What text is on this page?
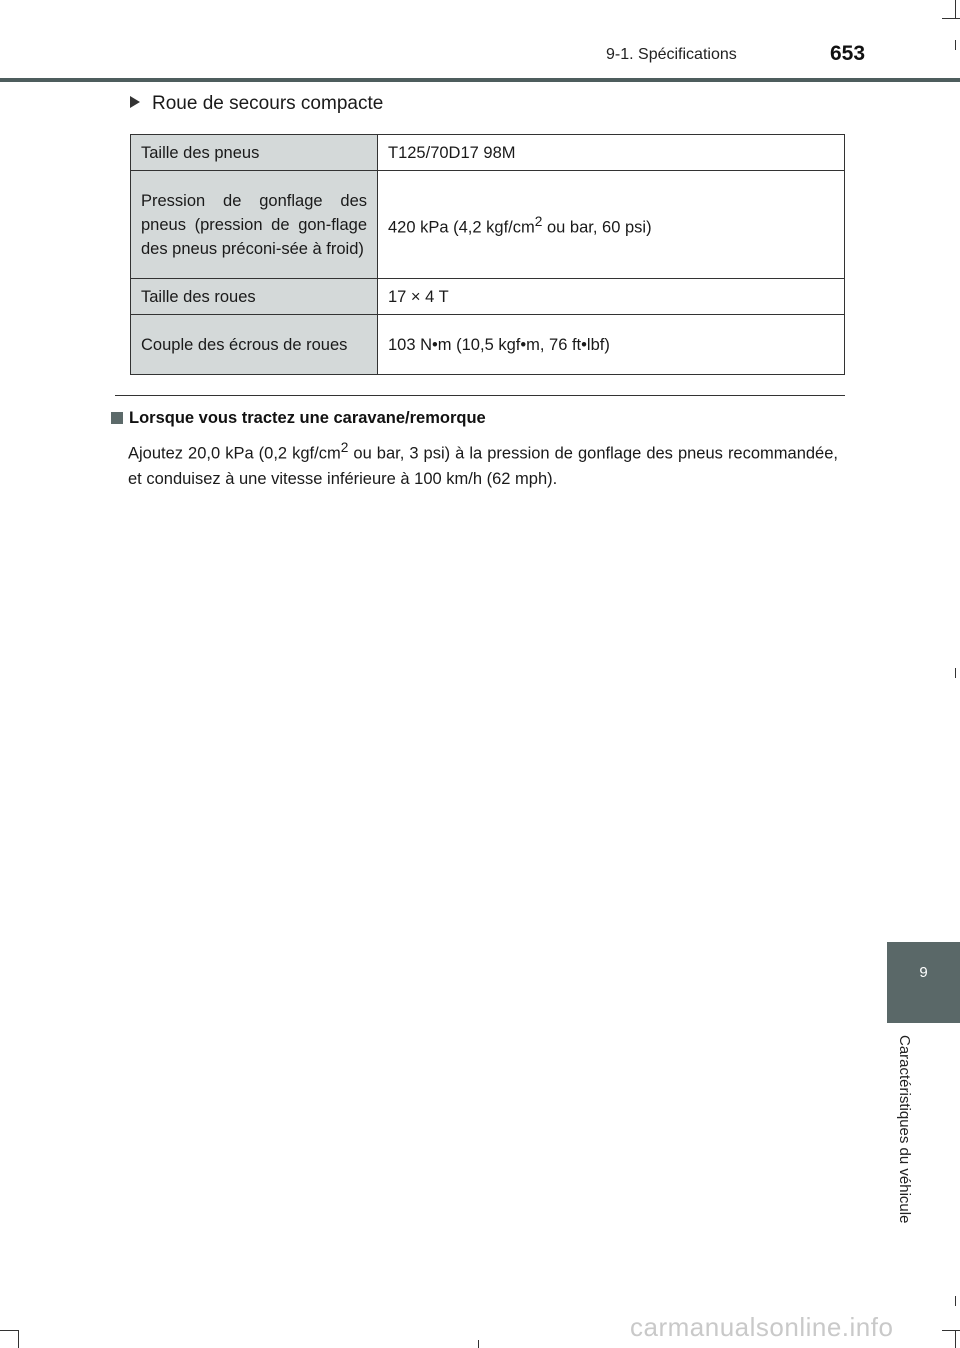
9-1. Spécifications	653
Roue de secours compacte
Taille des pneus	T125/70D17 98M
Pression de gonflage des pneus (pression de gon-flage des pneus préconi-sée à froid)	420 kPa (4,2 kgf/$cm^2$ ou bar, 60 psi)
Taille des roues	17 × 4 T
Couple des écrous de roues	103 N•m (10,5 kgf•m, 76 ft•lbf)
Lorsque vous tractez une caravane/remorque
Ajoutez 20,0 kPa (0,2 kgf/$cm^2$ ou bar, 3 psi) à la pression de gonflage des pneus recommandée, et conduisez à une vitesse inférieure à 100 km/h (62 mph).
9
Caractéristiques du véhicule
carmanualsonline.info
